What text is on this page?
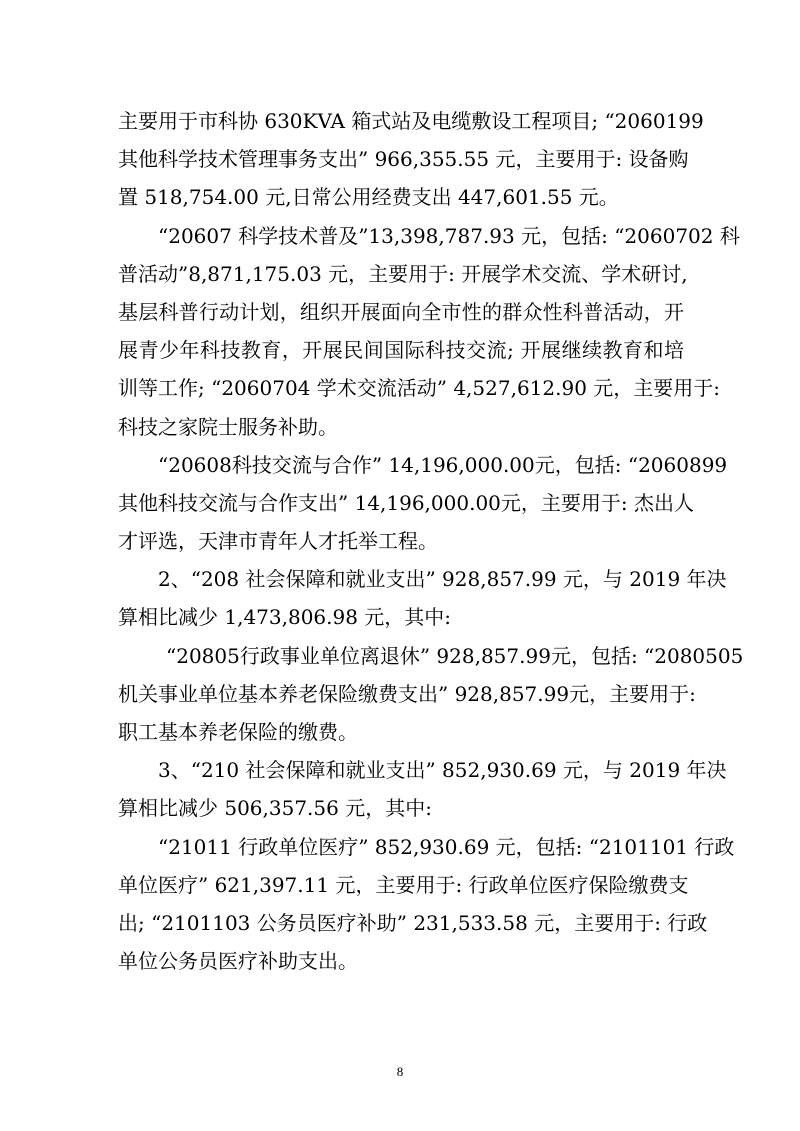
主要用于市科协 630KVA 箱式站及电缆敷设工程项目; “2060199
其他科学技术管理事务支出” 966,355.55 元，主要用于: 设备购
置 518,754.00 元,日常公用经费支出 447,601.55 元。
“20607 科学技术普及”13,398,787.93 元，包括: “2060702 科
普活动”8,871,175.03 元，主要用于: 开展学术交流、学术研讨,
基层科普行动计划，组织开展面向全市性的群众性科普活动，开
展青少年科技教育，开展民间国际科技交流; 开展继续教育和培
训等工作; “2060704 学术交流活动” 4,527,612.90 元，主要用于:
科技之家院士服务补助。
“20608科技交流与合作” 14,196,000.00元，包括: “2060899
其他科技交流与合作支出” 14,196,000.00元，主要用于: 杰出人
才评选，天津市青年人才托举工程。
2、“208 社会保障和就业支出” 928,857.99 元，与 2019 年决
算相比减少 1,473,806.98 元，其中:
“20805行政事业单位离退休” 928,857.99元，包括: “2080505
机关事业单位基本养老保险缴费支出” 928,857.99元，主要用于:
职工基本养老保险的缴费。
3、“210 社会保障和就业支出” 852,930.69 元，与 2019 年决
算相比减少 506,357.56 元，其中:
“21011 行政单位医疗” 852,930.69 元，包括: “2101101 行政
单位医疗” 621,397.11 元，主要用于: 行政单位医疗保险缴费支
出; “2101103 公务员医疗补助” 231,533.58 元，主要用于: 行政
单位公务员医疗补助支出。
8
